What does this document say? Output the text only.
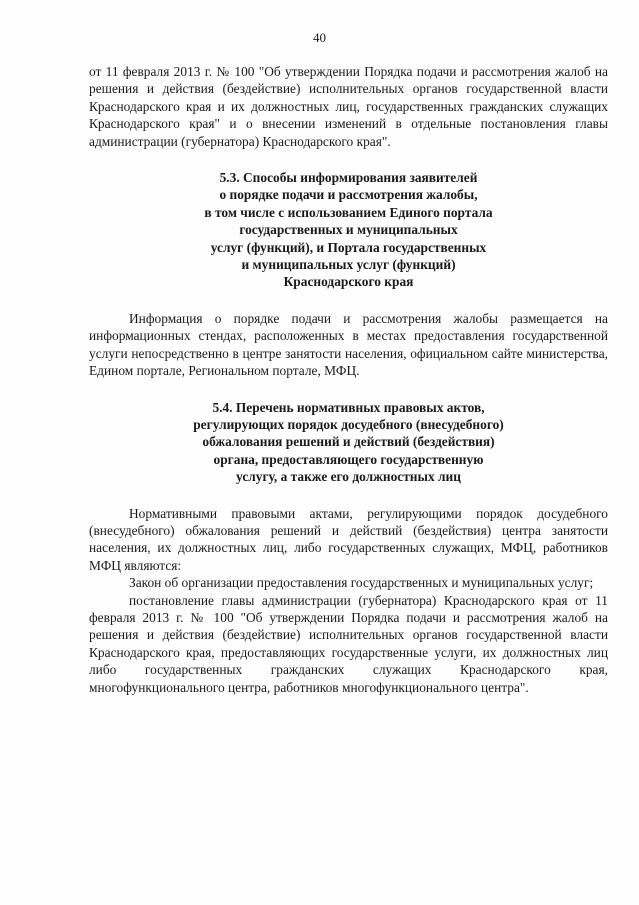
40

от 11 февраля 2013 г. № 100 "Об утверждении Порядка подачи и рассмотрения жалоб на решения и действия (бездействие) исполнительных органов государственной власти Краснодарского края и их должностных лиц, государственных гражданских служащих Краснодарского края" и о внесении изменений в отдельные постановления главы администрации (губернатора) Краснодарского края".

5.3. Способы информирования заявителей
о порядке подачи и рассмотрения жалобы,
в том числе с использованием Единого портала
государственных и муниципальных
услуг (функций), и Портала государственных
и муниципальных услуг (функций)
Краснодарского края

Информация о порядке подачи и рассмотрения жалобы размещается на информационных стендах, расположенных в местах предоставления государственной услуги непосредственно в центре занятости населения, официальном сайте министерства, Едином портале, Региональном портале, МФЦ.

5.4. Перечень нормативных правовых актов,
регулирующих порядок досудебного (внесудебного)
обжалования решений и действий (бездействия)
органа, предоставляющего государственную
услугу, а также его должностных лиц

Нормативными правовыми актами, регулирующими порядок досудебного (внесудебного) обжалования решений и действий (бездействия) центра занятости населения, их должностных лиц, либо государственных служащих, МФЦ, работников МФЦ являются:

Закон об организации предоставления государственных и муниципальных услуг;

постановление главы администрации (губернатора) Краснодарского края от 11 февраля 2013 г. № 100 "Об утверждении Порядка подачи и рассмотрения жалоб на решения и действия (бездействие) исполнительных органов государственной власти Краснодарского края, предоставляющих государственные услуги, их должностных лиц либо государственных гражданских служащих Краснодарского края, многофункционального центра, работников многофункционального центра".
